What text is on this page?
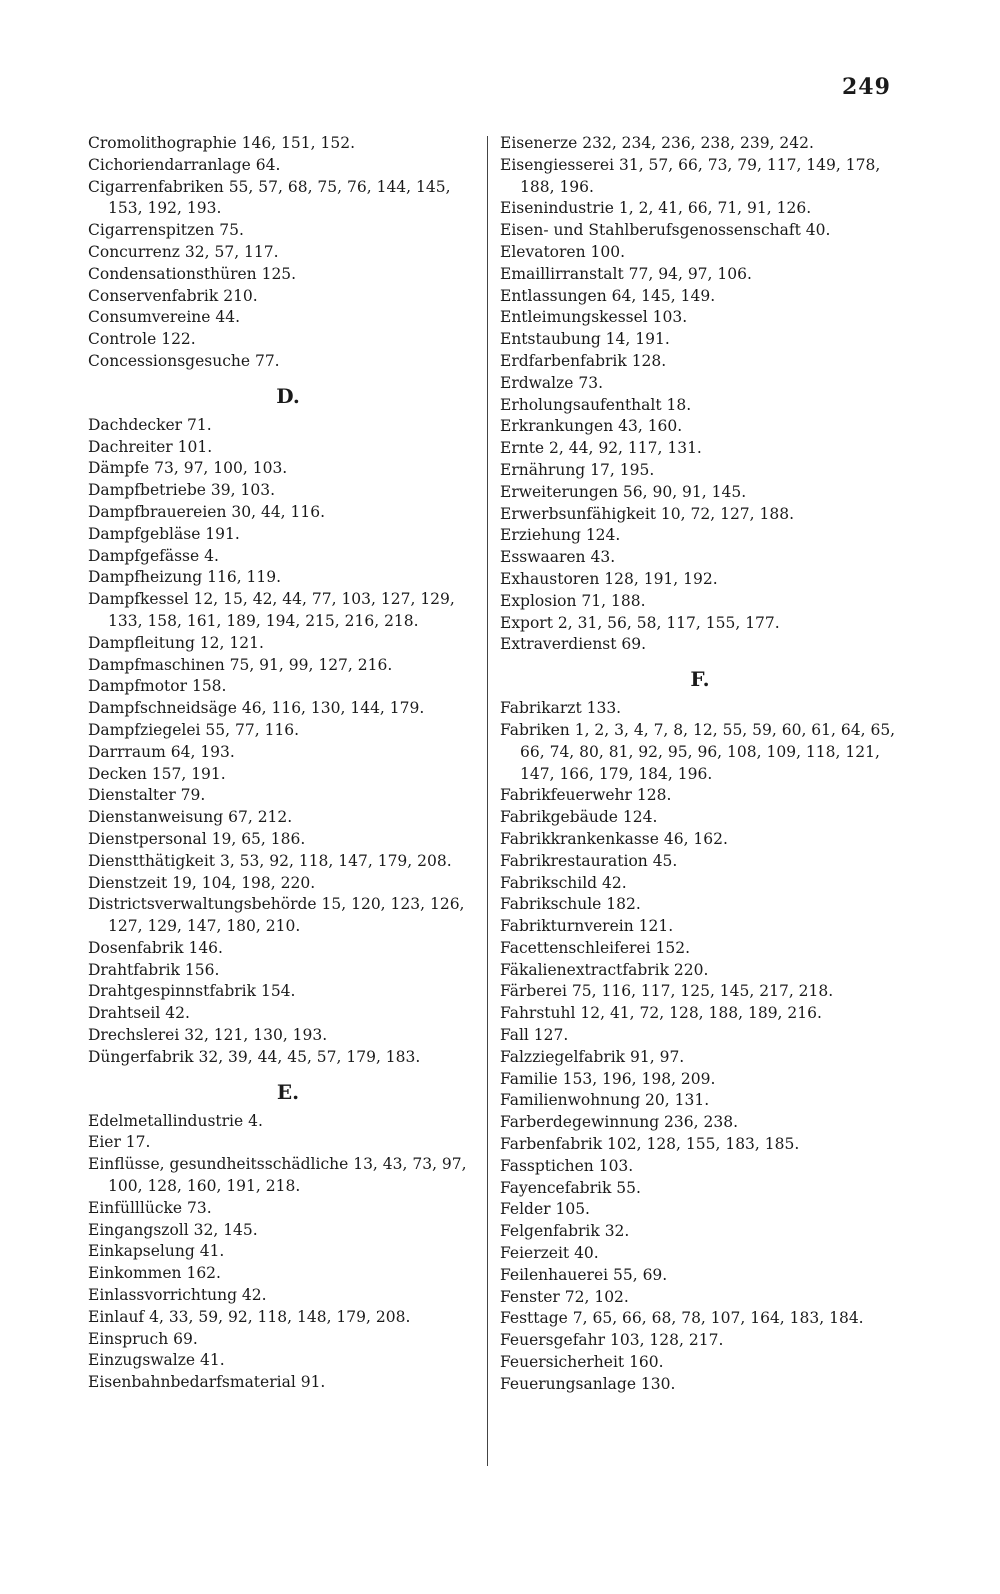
249
Cromolithographie 146, 151, 152.
Cichoriendarranlage 64.
Cigarrenfabriken 55, 57, 68, 75, 76, 144, 145, 153, 192, 193.
Cigarrenspitzen 75.
Concurrenz 32, 57, 117.
Condensationsthüren 125.
Conservenfabrik 210.
Consumvereine 44.
Controle 122.
Concessionsgesuche 77.
D.
Dachdecker 71.
Dachreiter 101.
Dämpfe 73, 97, 100, 103.
Dampfbetriebe 39, 103.
Dampfbrauereien 30, 44, 116.
Dampfgebläse 191.
Dampfgefässe 4.
Dampfheizung 116, 119.
Dampfkessel 12, 15, 42, 44, 77, 103, 127, 129, 133, 158, 161, 189, 194, 215, 216, 218.
Dampfleitung 12, 121.
Dampfmaschinen 75, 91, 99, 127, 216.
Dampfmotor 158.
Dampfschneidsäge 46, 116, 130, 144, 179.
Dampfziegelei 55, 77, 116.
Darrraum 64, 193.
Decken 157, 191.
Dienstalter 79.
Dienstanweisung 67, 212.
Dienstpersonal 19, 65, 186.
Dienstthätigkeit 3, 53, 92, 118, 147, 179, 208.
Dienstzeit 19, 104, 198, 220.
Districtsverwaltungsbehörde 15, 120, 123, 126, 127, 129, 147, 180, 210.
Dosenfabrik 146.
Drahtfabrik 156.
Drahtgespinnstfabrik 154.
Drahtseil 42.
Drechslerei 32, 121, 130, 193.
Düngerfabrik 32, 39, 44, 45, 57, 179, 183.
E.
Edelmetallindustrie 4.
Eier 17.
Einflüsse, gesundheitsschädliche 13, 43, 73, 97, 100, 128, 160, 191, 218.
Einfülllücke 73.
Eingangszoll 32, 145.
Einkapselung 41.
Einkommen 162.
Einlassvorrichtung 42.
Einlauf 4, 33, 59, 92, 118, 148, 179, 208.
Einspruch 69.
Einzugswalze 41.
Eisenbahnbedarfsmaterial 91.
Eisenerze 232, 234, 236, 238, 239, 242.
Eisengiesserei 31, 57, 66, 73, 79, 117, 149, 178, 188, 196.
Eisenindustrie 1, 2, 41, 66, 71, 91, 126.
Eisen- und Stahlberufsgenossenschaft 40.
Elevatoren 100.
Emaillirranstalt 77, 94, 97, 106.
Entlassungen 64, 145, 149.
Entleimungskessel 103.
Entstaubung 14, 191.
Erdfarbenfabrik 128.
Erdwalze 73.
Erholungsaufenthalt 18.
Erkrankungen 43, 160.
Ernte 2, 44, 92, 117, 131.
Ernährung 17, 195.
Erweiterungen 56, 90, 91, 145.
Erwerbsunfähigkeit 10, 72, 127, 188.
Erziehung 124.
Esswaaren 43.
Exhaustoren 128, 191, 192.
Explosion 71, 188.
Export 2, 31, 56, 58, 117, 155, 177.
Extraverdienst 69.
F.
Fabrikarzt 133.
Fabriken 1, 2, 3, 4, 7, 8, 12, 55, 59, 60, 61, 64, 65, 66, 74, 80, 81, 92, 95, 96, 108, 109, 118, 121, 147, 166, 179, 184, 196.
Fabrikfeuerwehr 128.
Fabrikgebäude 124.
Fabrikkrankenkasse 46, 162.
Fabrikrestauration 45.
Fabrikschild 42.
Fabrikschule 182.
Fabrikturnverein 121.
Facettenschleiferei 152.
Fäkalienextractfabrik 220.
Färberei 75, 116, 117, 125, 145, 217, 218.
Fahrstuhl 12, 41, 72, 128, 188, 189, 216.
Fall 127.
Falzziegelfabrik 91, 97.
Familie 153, 196, 198, 209.
Familienwohnung 20, 131.
Farberdegewinnung 236, 238.
Farbenfabrik 102, 128, 155, 183, 185.
Fassptichen 103.
Fayencefabrik 55.
Felder 105.
Felgenfabrik 32.
Feierzeit 40.
Feilenhauerei 55, 69.
Fenster 72, 102.
Festtage 7, 65, 66, 68, 78, 107, 164, 183, 184.
Feuersgefahr 103, 128, 217.
Feuersicherheit 160.
Feuerungsanlage 130.
